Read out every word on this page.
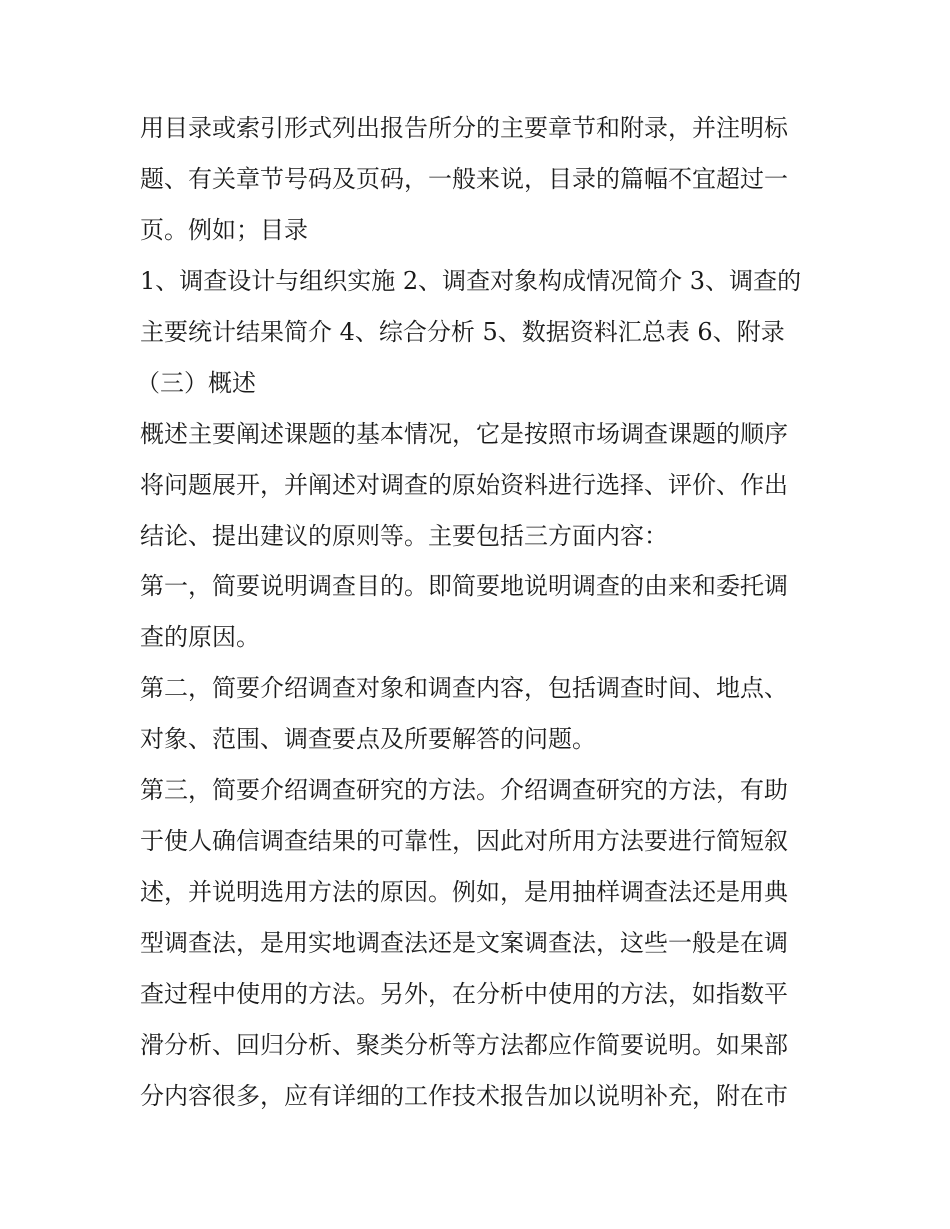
用目录或索引形式列出报告所分的主要章节和附录，并注明标
题、有关章节号码及页码，一般来说，目录的篇幅不宜超过一
页。例如；目录
1、调查设计与组织实施 2、调查对象构成情况简介 3、调查的
主要统计结果简介 4、综合分析 5、数据资料汇总表 6、附录
（三）概述
概述主要阐述课题的基本情况，它是按照市场调查课题的顺序
将问题展开，并阐述对调查的原始资料进行选择、评价、作出
结论、提出建议的原则等。主要包括三方面内容：
第一，简要说明调查目的。即简要地说明调查的由来和委托调
查的原因。
第二，简要介绍调查对象和调查内容，包括调查时间、地点、
对象、范围、调查要点及所要解答的问题。
第三，简要介绍调查研究的方法。介绍调查研究的方法，有助
于使人确信调查结果的可靠性，因此对所用方法要进行简短叙
述，并说明选用方法的原因。例如，是用抽样调查法还是用典
型调查法，是用实地调查法还是文案调查法，这些一般是在调
查过程中使用的方法。另外，在分析中使用的方法，如指数平
滑分析、回归分析、聚类分析等方法都应作简要说明。如果部
分内容很多，应有详细的工作技术报告加以说明补充，附在市
